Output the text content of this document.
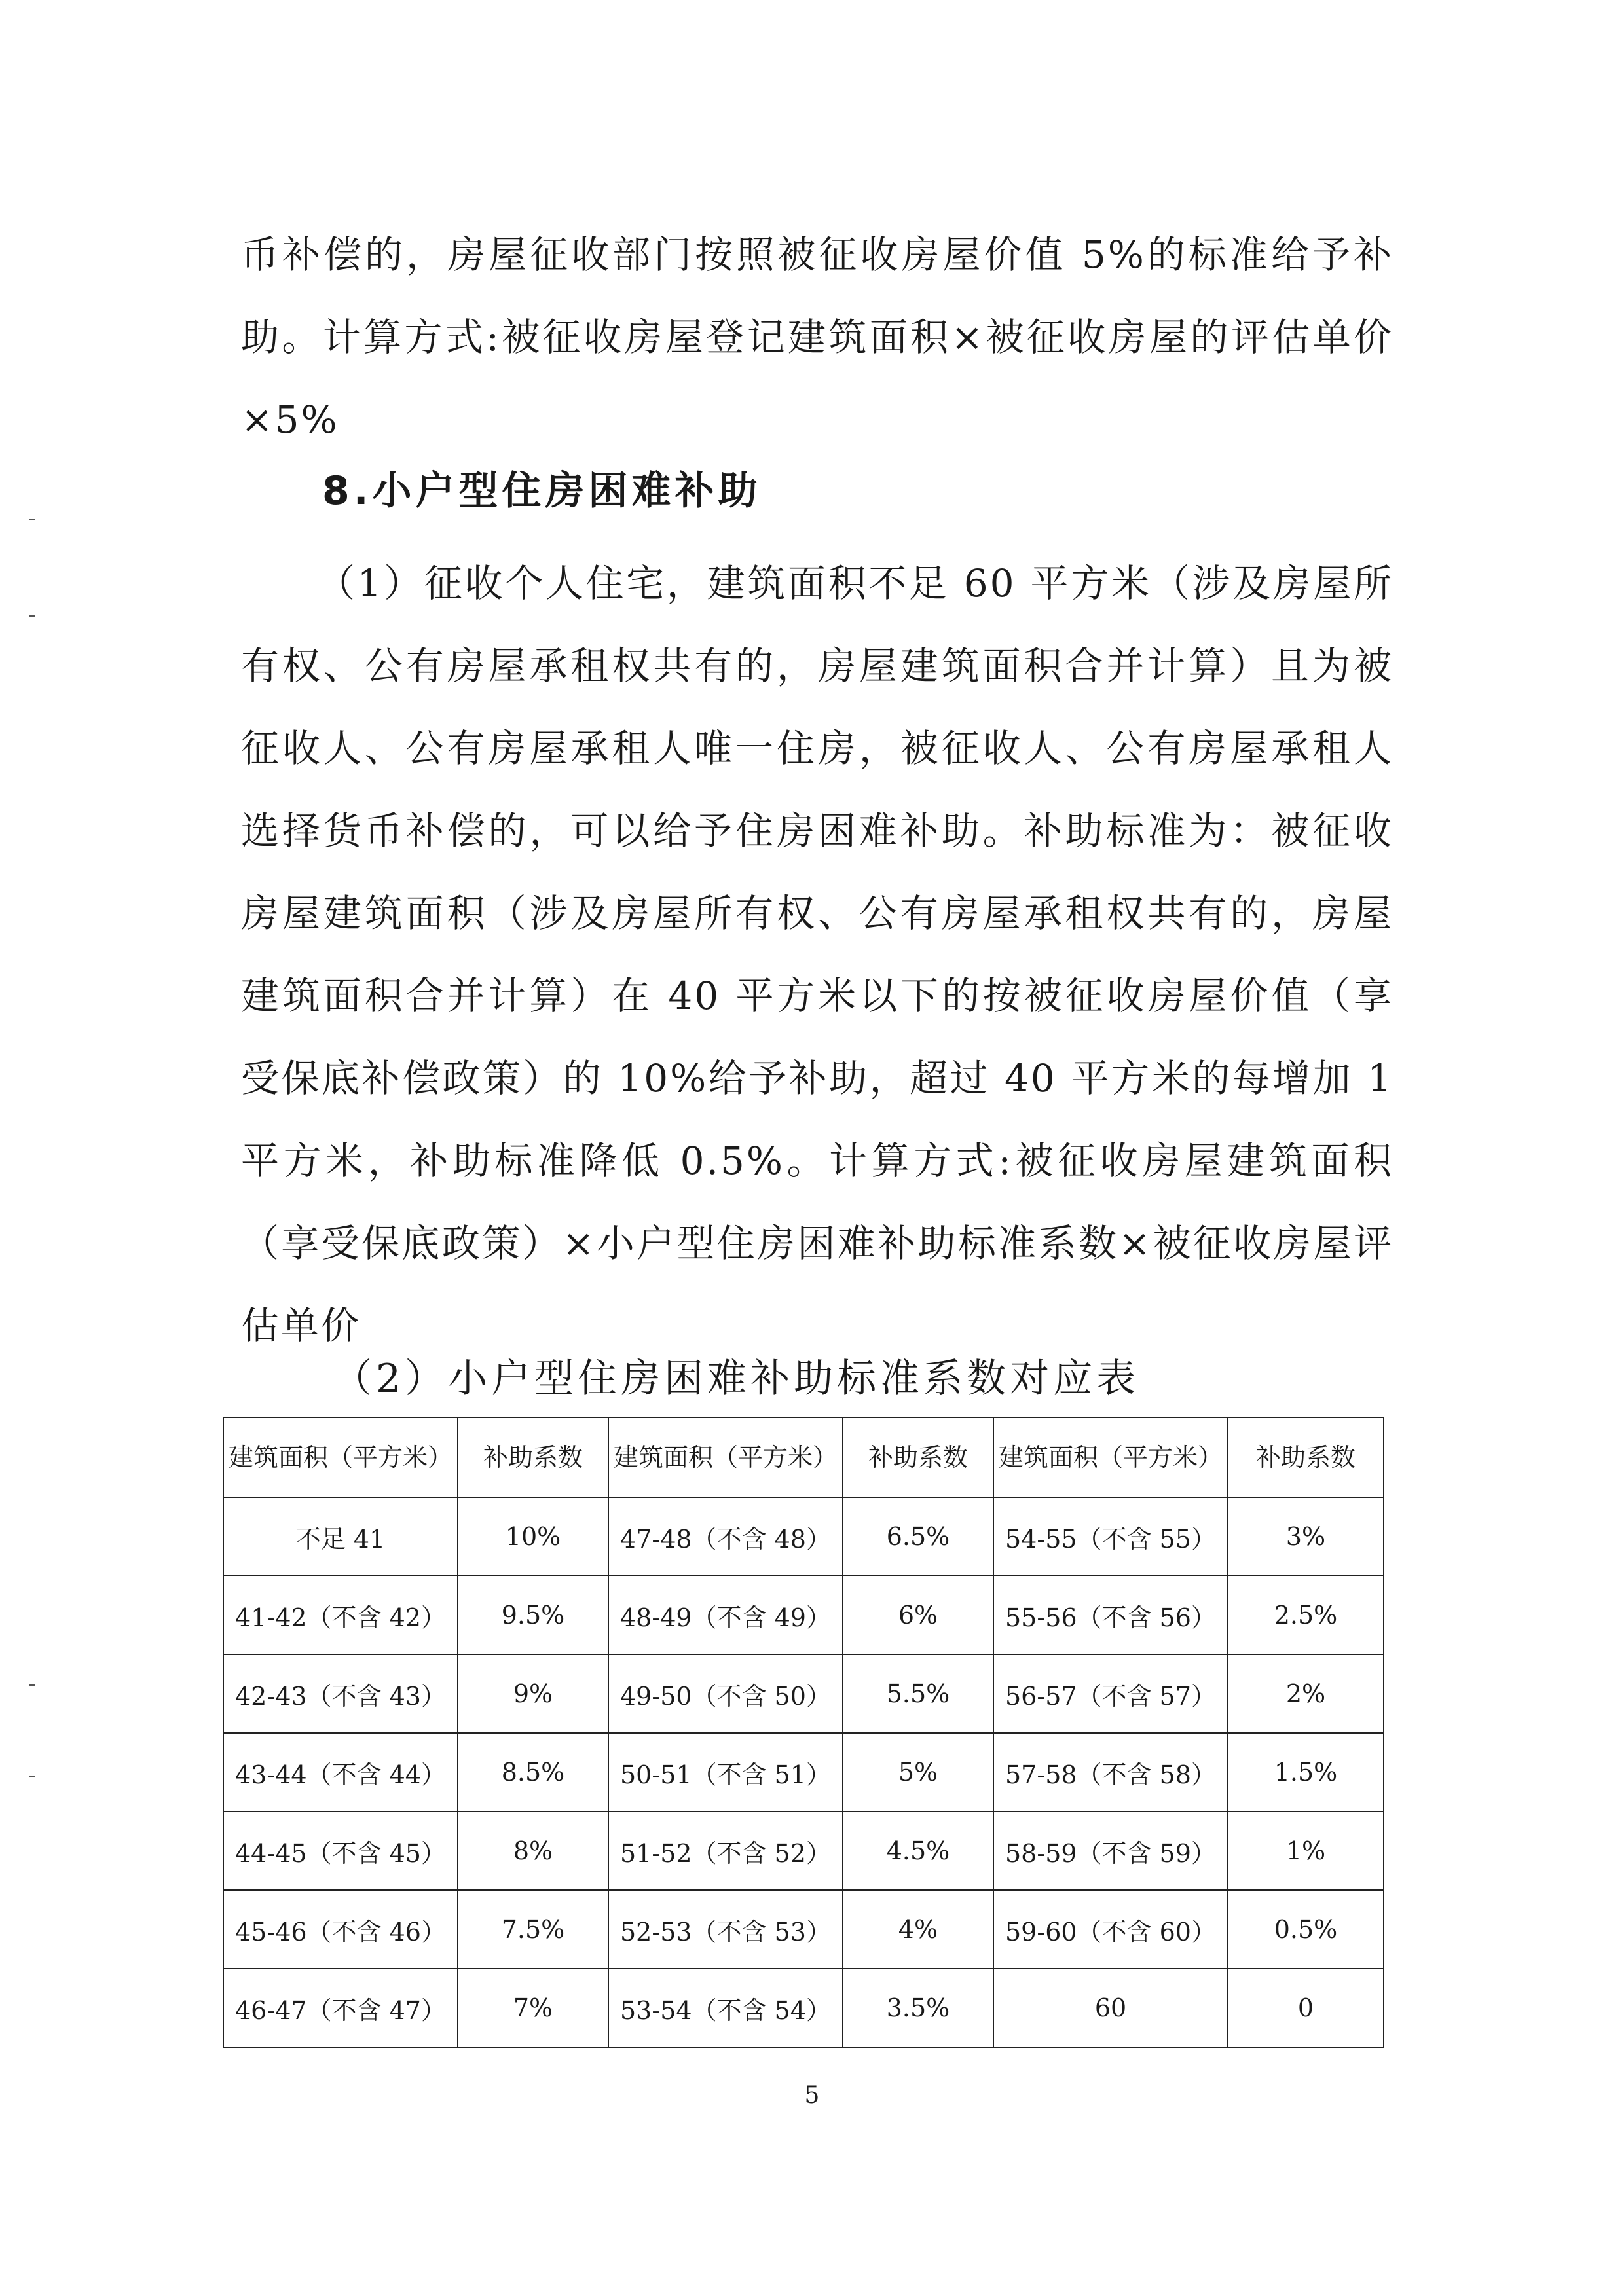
币补偿的，房屋征收部门按照被征收房屋价值 5%的标准给予补助。计算方式:被征收房屋登记建筑面积×被征收房屋的评估单价×5%

8.小户型住房困难补助

（1）征收个人住宅，建筑面积不足 60 平方米（涉及房屋所有权、公有房屋承租权共有的，房屋建筑面积合并计算）且为被征收人、公有房屋承租人唯一住房，被征收人、公有房屋承租人选择货币补偿的，可以给予住房困难补助。补助标准为：被征收房屋建筑面积（涉及房屋所有权、公有房屋承租权共有的，房屋建筑面积合并计算）在 40 平方米以下的按被征收房屋价值（享受保底补偿政策）的 10%给予补助，超过 40 平方米的每增加 1 平方米，补助标准降低 0.5%。计算方式:被征收房屋建筑面积（享受保底政策）×小户型住房困难补助标准系数×被征收房屋评估单价

（2）小户型住房困难补助标准系数对应表
建筑面积（平方米）	补助系数	建筑面积（平方米）	补助系数	建筑面积（平方米）	补助系数
不足 41	10%	47-48（不含 48）	6.5%	54-55（不含 55）	3%
41-42（不含 42）	9.5%	48-49（不含 49）	6%	55-56（不含 56）	2.5%
42-43（不含 43）	9%	49-50（不含 50）	5.5%	56-57（不含 57）	2%
43-44（不含 44）	8.5%	50-51（不含 51）	5%	57-58（不含 58）	1.5%
44-45（不含 45）	8%	51-52（不含 52）	4.5%	58-59（不含 59）	1%
45-46（不含 46）	7.5%	52-53（不含 53）	4%	59-60（不含 60）	0.5%
46-47（不含 47）	7%	53-54（不含 54）	3.5%	60	0
5
